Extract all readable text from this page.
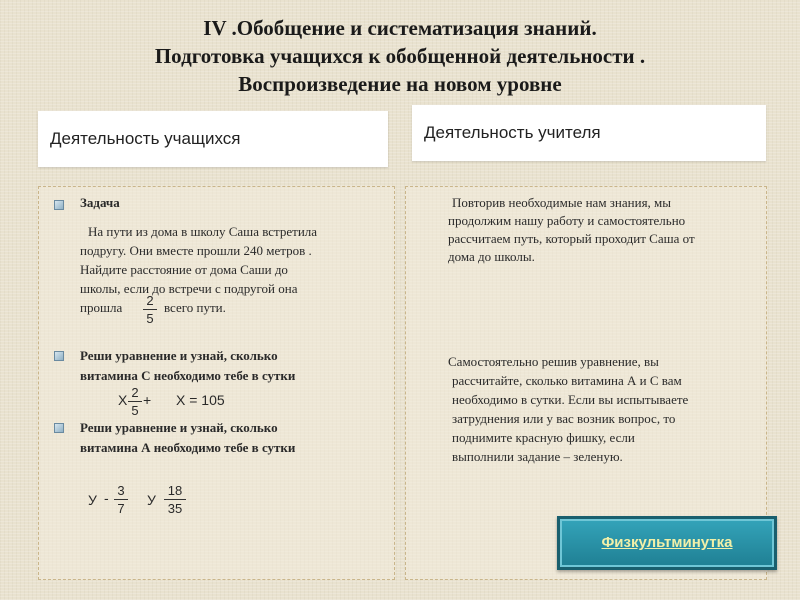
IV .Обобщение и систематизация знаний.
Подготовка учащихся к обобщенной деятельности .
Воспроизведение на новом уровне
Деятельность учащихся	Деятельность учителя
Задача
На пути из дома в школу Саша встретила
подругу. Они вместе прошли 240 метров .
Найдите расстояние от дома Саши до
школы, если до встречи с подругой она
прошла 2
5
всего пути.
Реши уравнение и узнай, сколько
витамина С необходимо тебе в сутки
Х 2
5
+ Х = 105
Реши уравнение и узнай, сколько
витамина А необходимо тебе в сутки
У - 3
7
У
18
35
Повторив необходимые нам знания, мы
продолжим нашу работу и самостоятельно
рассчитаем путь, который проходит Саша от
дома до школы.
Самостоятельно решив уравнение, вы
рассчитайте, сколько витамина А и С вам
необходимо в сутки. Если вы испытываете
затруднения или у вас возник вопрос, то
поднимите красную фишку, если
выполнили задание – зеленую.
Физкультминутка
